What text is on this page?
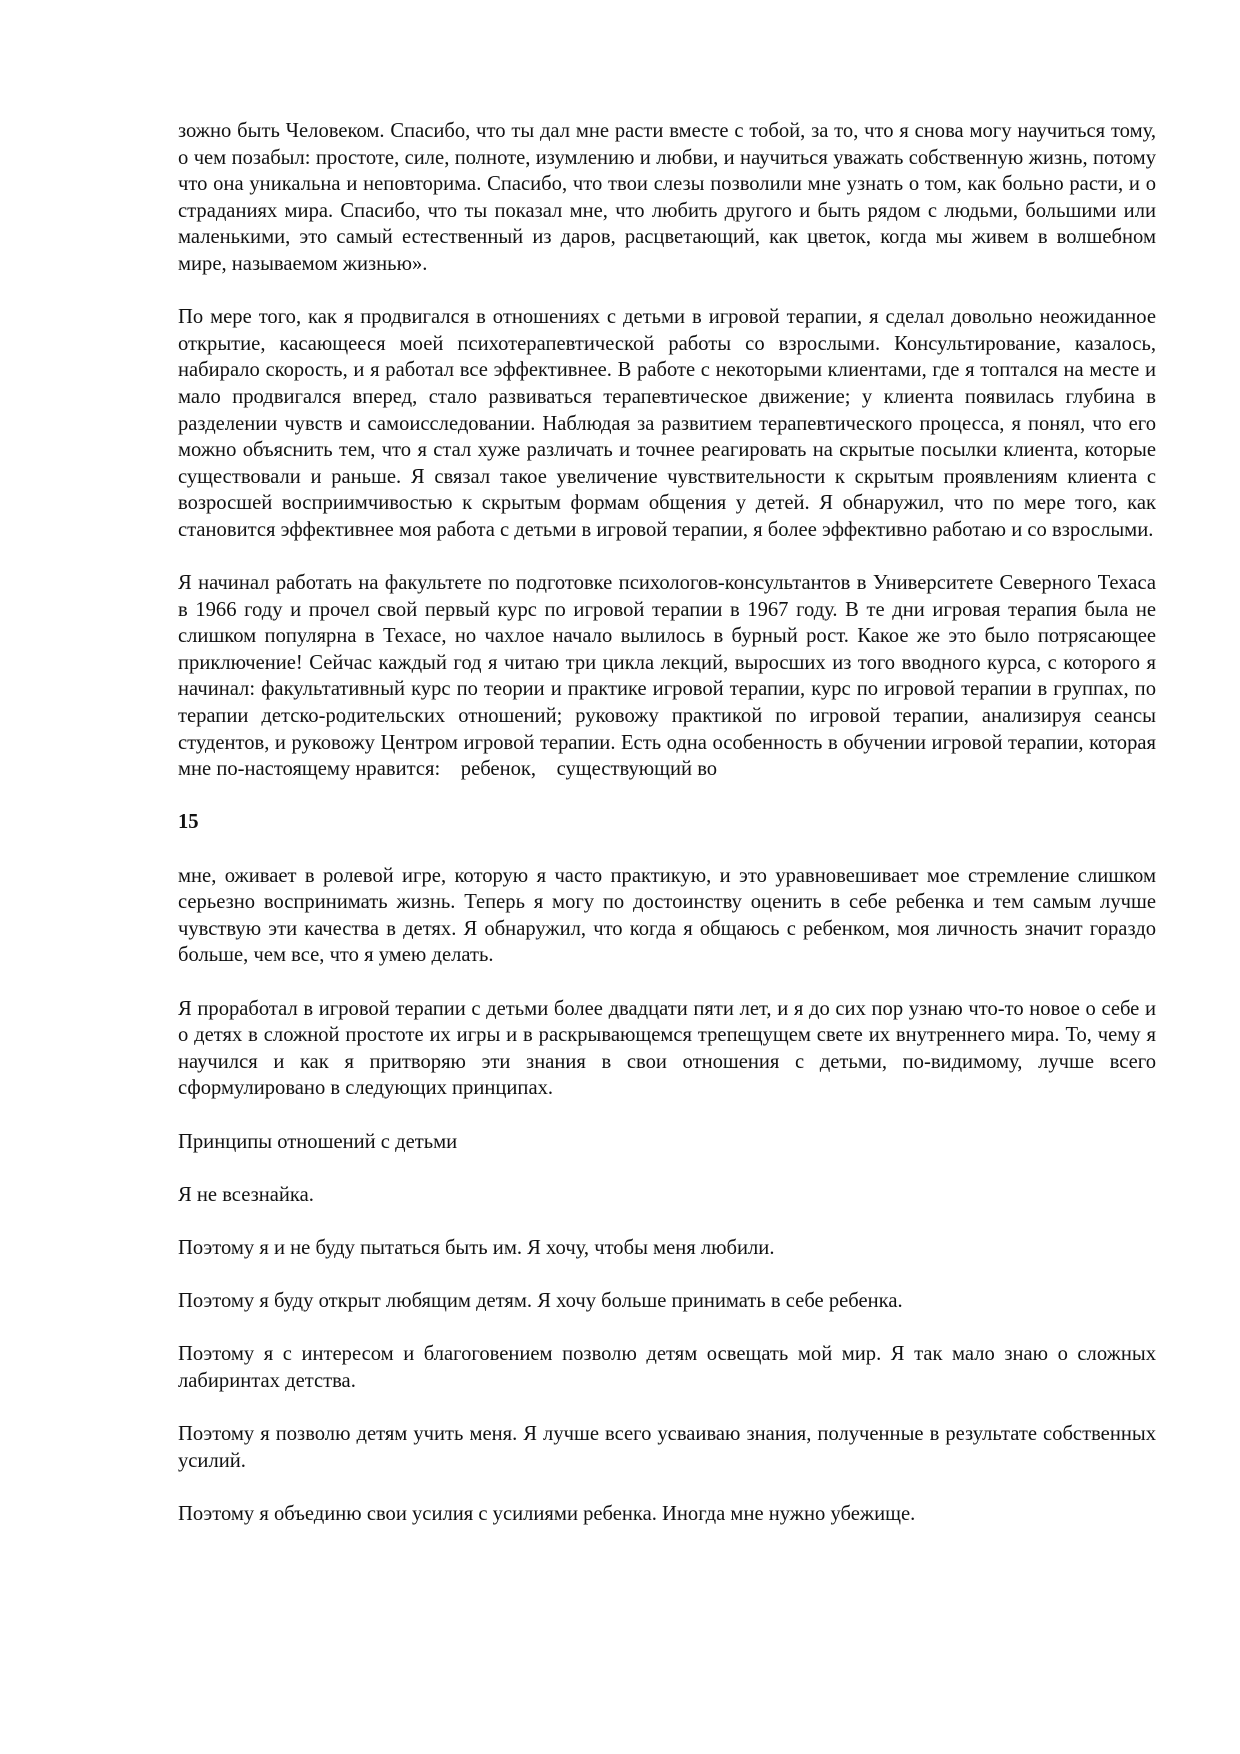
зожно быть Человеком. Спасибо, что ты дал мне расти вместе с тобой, за то, что я снова могу научиться тому, о чем позабыл: простоте, силе, полноте, изумлению и любви, и научиться уважать собственную жизнь, потому что она уникальна и неповторима. Спасибо, что твои слезы позволили мне узнать о том, как больно расти, и о страданиях мира. Спасибо, что ты показал мне, что любить другого и быть рядом с людьми, большими или маленькими, это самый естественный из даров, расцветающий, как цветок, когда мы живем в волшебном мире, называемом жизнью».

По мере того, как я продвигался в отношениях с детьми в игровой терапии, я сделал довольно неожиданное открытие, касающееся моей психотерапевтической работы со взрослыми. Консультирование, казалось, набирало скорость, и я работал все эффективнее. В работе с некоторыми клиентами, где я топтался на месте и мало продвигался вперед, стало развиваться терапевтическое движение; у клиента появилась глубина в разделении чувств и самоисследовании. Наблюдая за развитием терапевтического процесса, я понял, что его можно объяснить тем, что я стал хуже различать и точнее реагировать на скрытые посылки клиента, которые существовали и раньше. Я связал такое увеличение чувствительности к скрытым проявлениям клиента с возросшей восприимчивостью к скрытым формам общения у детей. Я обнаружил, что по мере того, как становится эффективнее моя работа с детьми в игровой терапии, я более эффективно работаю и со взрослыми.

Я начинал работать на факультете по подготовке психологов-консультантов в Университете Северного Техаса в 1966 году и прочел свой первый курс по игровой терапии в 1967 году. В те дни игровая терапия была не слишком популярна в Техасе, но чахлое начало вылилось в бурный рост. Какое же это было потрясающее приключение! Сейчас каждый год я читаю три цикла лекций, выросших из того вводного курса, с которого я начинал: факультативный курс по теории и практике игровой терапии, курс по игровой терапии в группах, по терапии детско-родительских отношений; руковожу практикой по игровой терапии, анализируя сеансы студентов, и руковожу Центром игровой терапии. Есть одна особенность в обучении игровой терапии, которая мне по-настоящему нравится:    ребенок,    существующий во

15

мне, оживает в ролевой игре, которую я часто практикую, и это уравновешивает мое стремление слишком серьезно воспринимать жизнь. Теперь я могу по достоинству оценить в себе ребенка и тем самым лучше чувствую эти качества в детях. Я обнаружил, что когда я общаюсь с ребенком, моя личность значит гораздо больше, чем все, что я умею делать.

Я проработал в игровой терапии с детьми более двадцати пяти лет, и я до сих пор узнаю что-то новое о себе и о детях в сложной простоте их игры и в раскрывающемся трепещущем свете их внутреннего мира. То, чему я научился и как я притворяю эти знания в свои отношения с детьми, по-видимому, лучше всего сформулировано в следующих принципах.

Принципы отношений с детьми

Я не всезнайка.

Поэтому я и не буду пытаться быть им. Я хочу, чтобы меня любили.

Поэтому я буду открыт любящим детям. Я хочу больше принимать в себе ребенка.

Поэтому я с интересом и благоговением позволю детям освещать мой мир. Я так мало знаю о сложных лабиринтах детства.

Поэтому я позволю детям учить меня. Я лучше всего усваиваю знания, полученные в результате собственных усилий.

Поэтому я объединю свои усилия с усилиями ребенка. Иногда мне нужно убежище.
